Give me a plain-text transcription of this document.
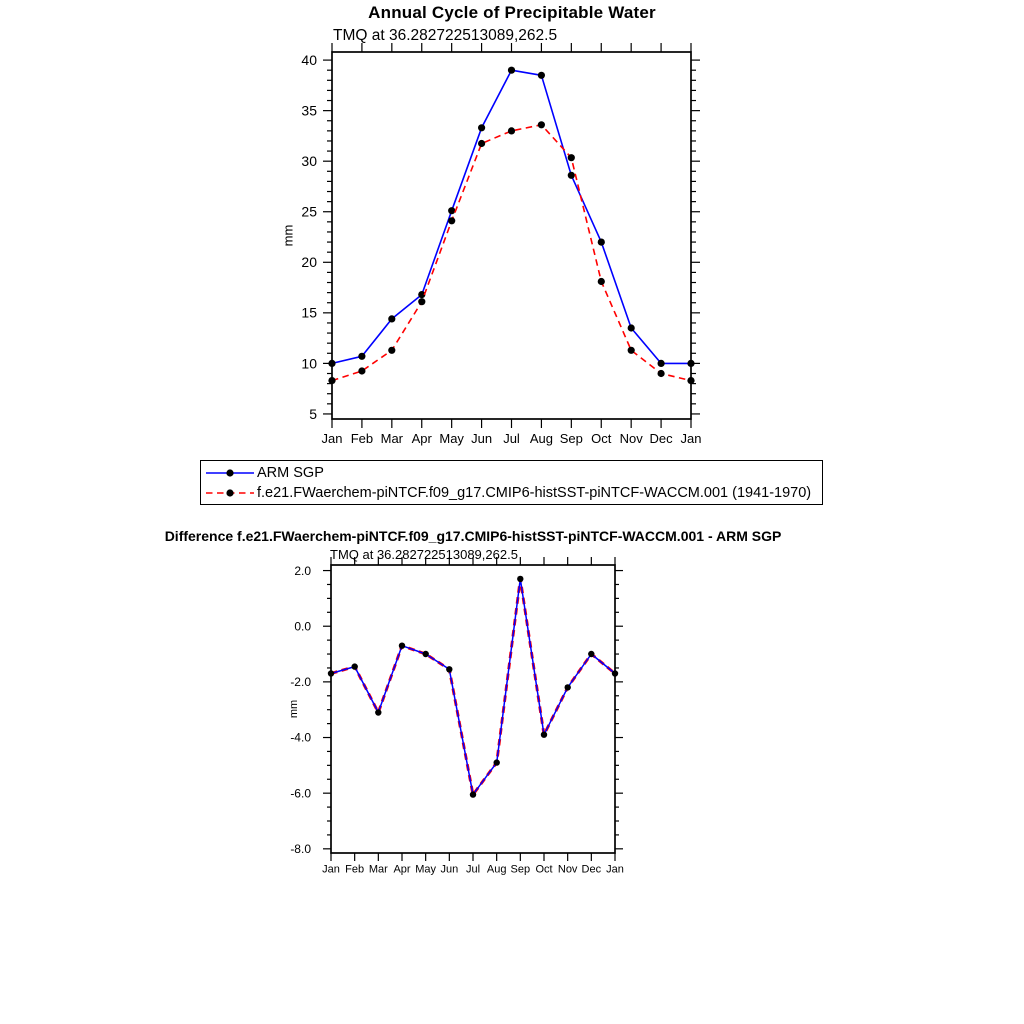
Annual Cycle of Precipitable Water
TMQ at 36.282722513089,262.5
5
10
15
20
25
30
35
40
Jan Feb Mar Apr May Jun Jul Aug Sep Oct Nov Dec Jan
mm
2.0
0.0
-2.0
-4.0
-6.0
-8.0
Jan Feb Mar Apr May Jun Jul Aug Sep Oct Nov Dec Jan
mm
ARM SGP
f.e21.FWaerchem-piNTCF.f09_g17.CMIP6-histSST-piNTCF-WACCM.001 (1941-1970)
Difference f.e21.FWaerchem-piNTCF.f09_g17.CMIP6-histSST-piNTCF-WACCM.001 - ARM SGP
TMQ at 36.282722513089,262.5
